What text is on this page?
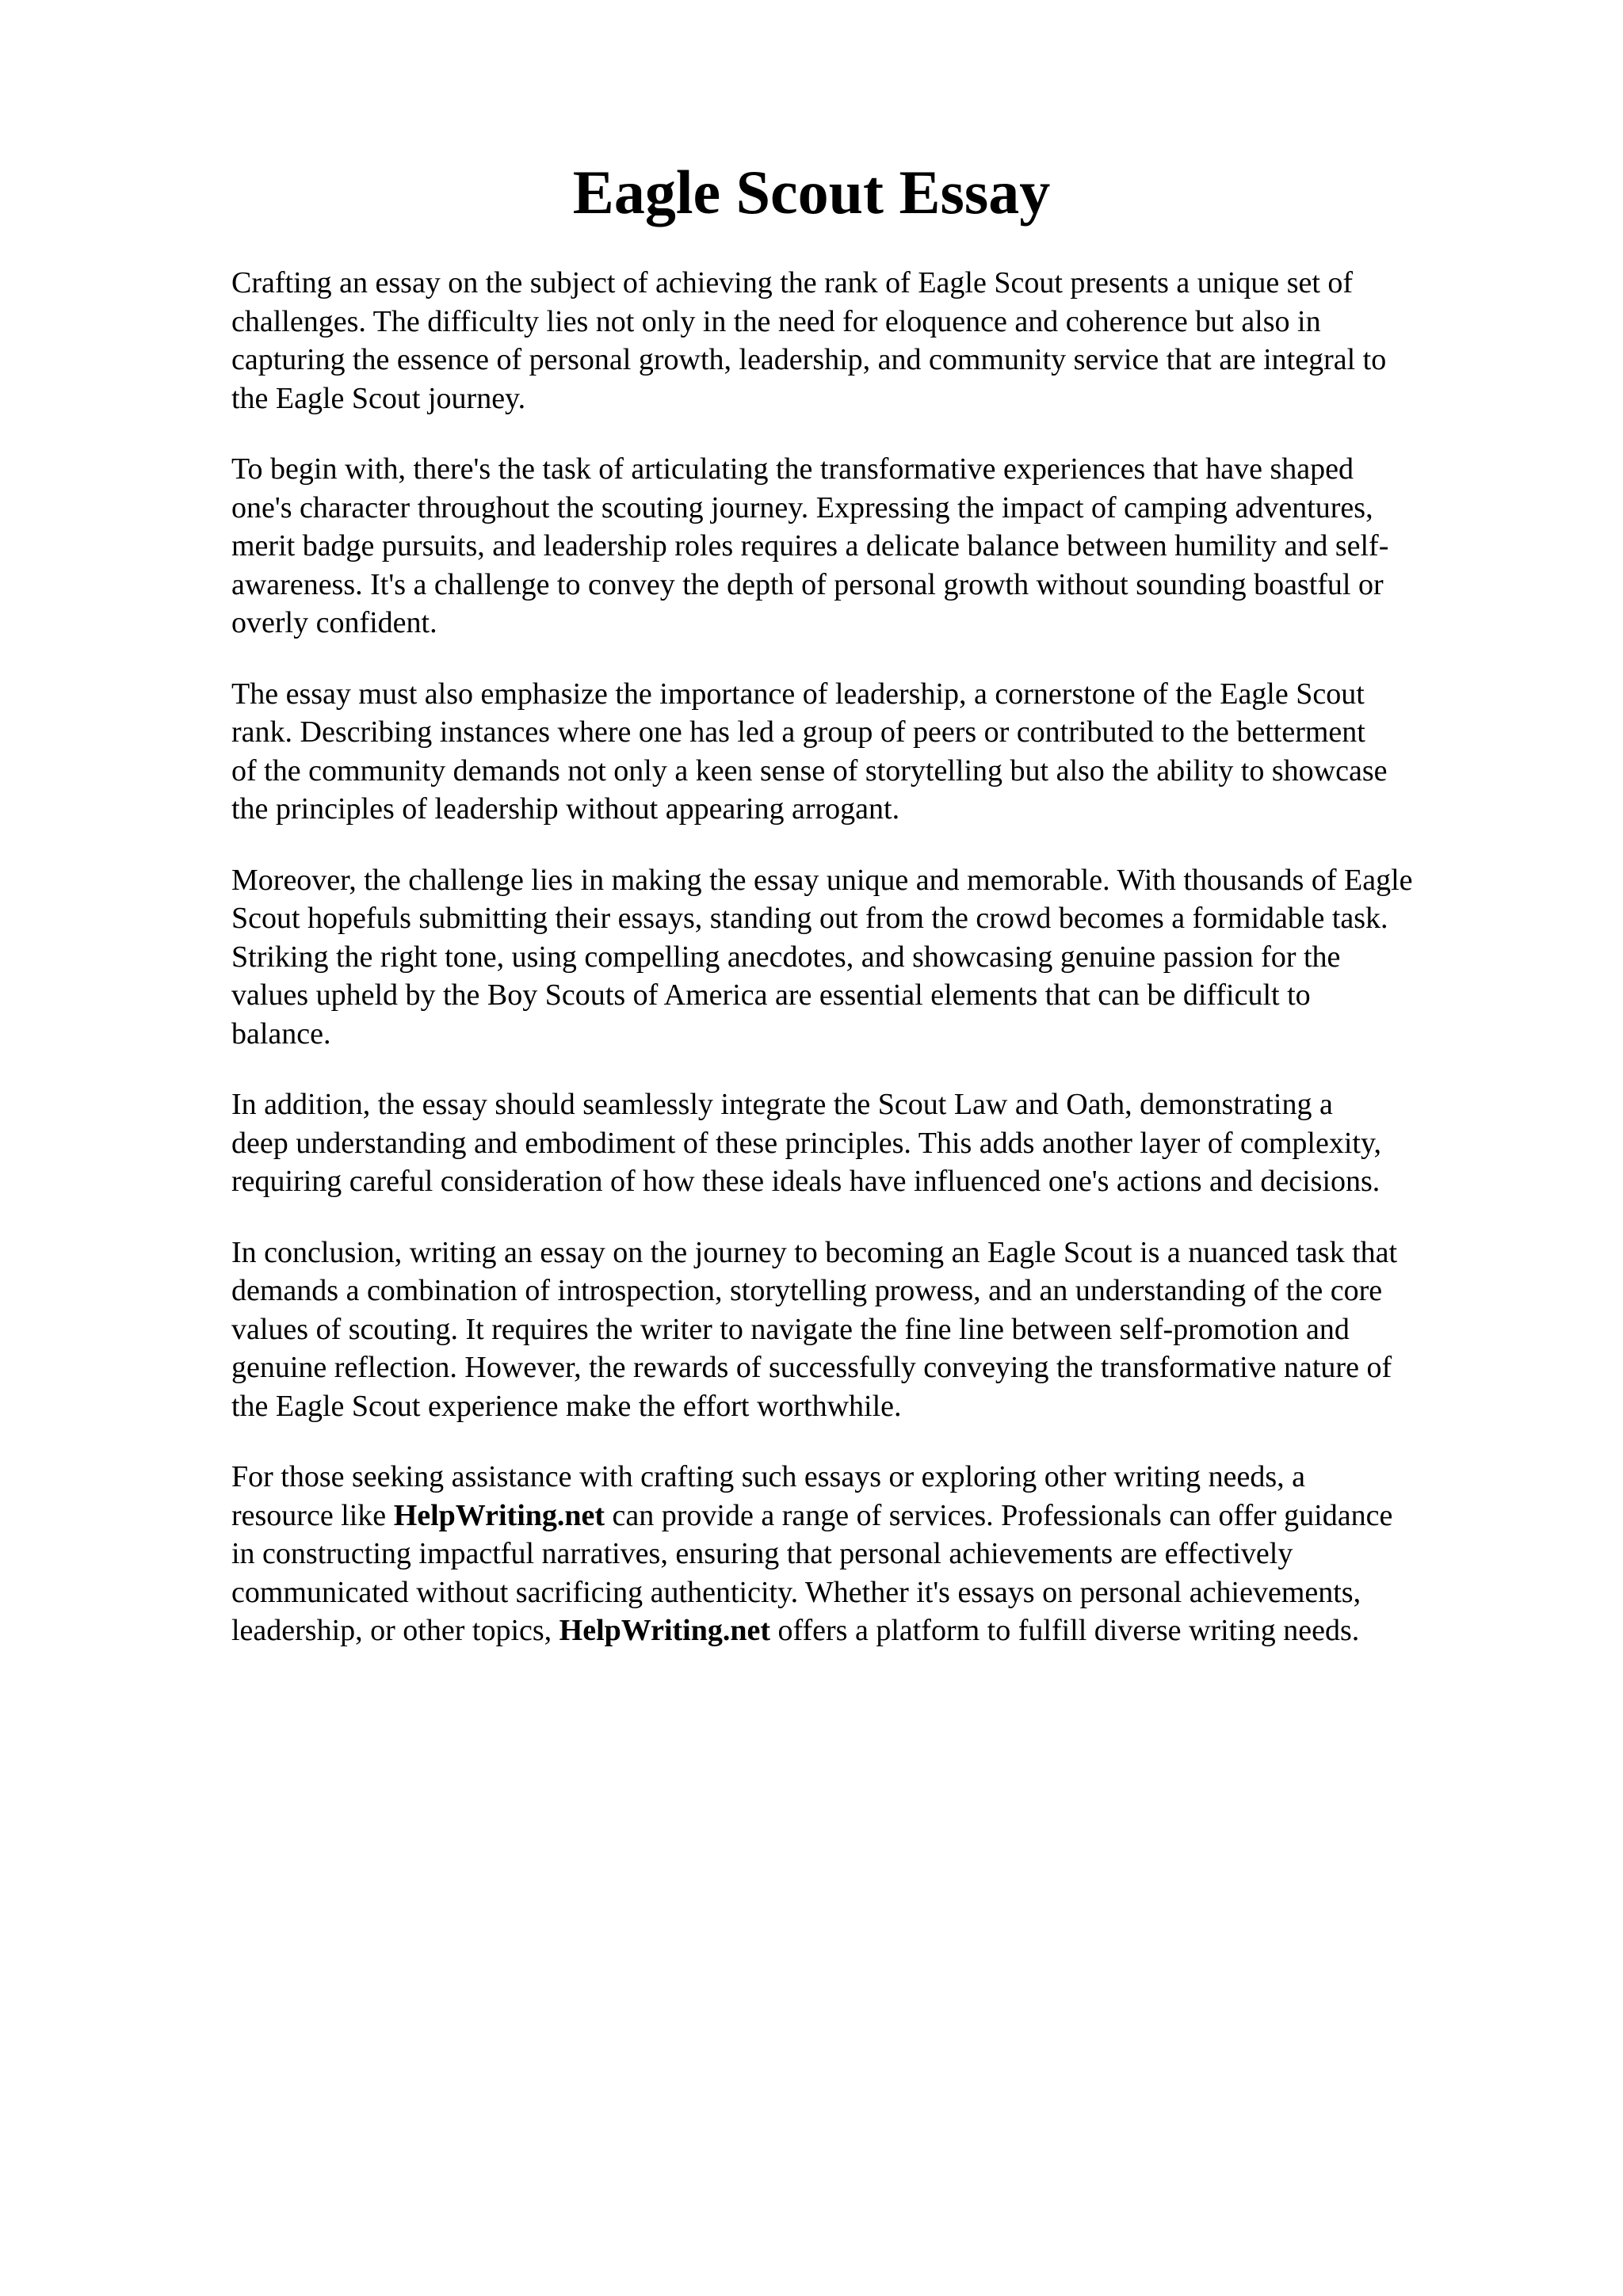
Eagle Scout Essay

Crafting an essay on the subject of achieving the rank of Eagle Scout presents a unique set of
challenges. The difficulty lies not only in the need for eloquence and coherence but also in
capturing the essence of personal growth, leadership, and community service that are integral to
the Eagle Scout journey.

To begin with, there's the task of articulating the transformative experiences that have shaped
one's character throughout the scouting journey. Expressing the impact of camping adventures,
merit badge pursuits, and leadership roles requires a delicate balance between humility and self-
awareness. It's a challenge to convey the depth of personal growth without sounding boastful or
overly confident.

The essay must also emphasize the importance of leadership, a cornerstone of the Eagle Scout
rank. Describing instances where one has led a group of peers or contributed to the betterment
of the community demands not only a keen sense of storytelling but also the ability to showcase
the principles of leadership without appearing arrogant.

Moreover, the challenge lies in making the essay unique and memorable. With thousands of Eagle
Scout hopefuls submitting their essays, standing out from the crowd becomes a formidable task.
Striking the right tone, using compelling anecdotes, and showcasing genuine passion for the
values upheld by the Boy Scouts of America are essential elements that can be difficult to
balance.

In addition, the essay should seamlessly integrate the Scout Law and Oath, demonstrating a
deep understanding and embodiment of these principles. This adds another layer of complexity,
requiring careful consideration of how these ideals have influenced one's actions and decisions.

In conclusion, writing an essay on the journey to becoming an Eagle Scout is a nuanced task that
demands a combination of introspection, storytelling prowess, and an understanding of the core
values of scouting. It requires the writer to navigate the fine line between self-promotion and
genuine reflection. However, the rewards of successfully conveying the transformative nature of
the Eagle Scout experience make the effort worthwhile.

For those seeking assistance with crafting such essays or exploring other writing needs, a
resource like HelpWriting.net can provide a range of services. Professionals can offer guidance
in constructing impactful narratives, ensuring that personal achievements are effectively
communicated without sacrificing authenticity. Whether it's essays on personal achievements,
leadership, or other topics, HelpWriting.net offers a platform to fulfill diverse writing needs.
